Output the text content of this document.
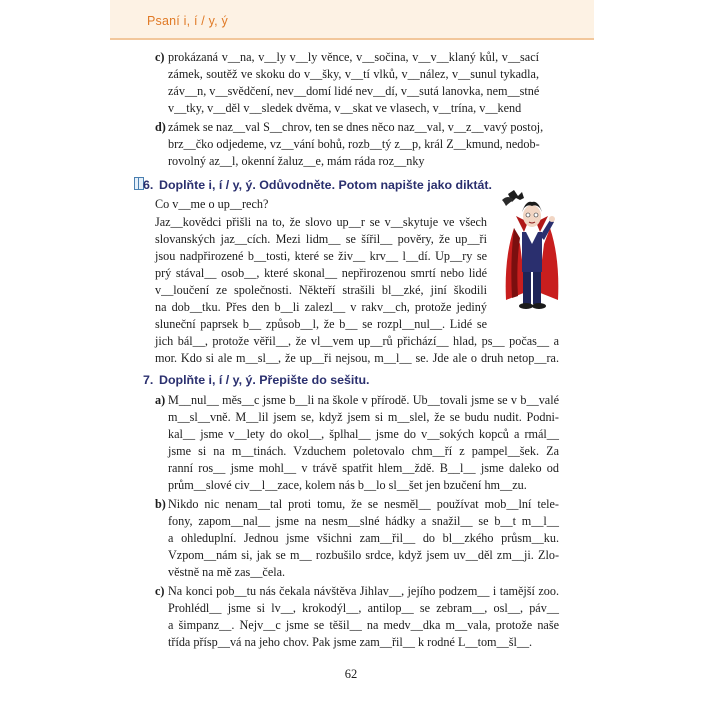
Psaní i, í / y, ý
c) prokázaná v__na, v__ly v__ly věnce, v__sočina, v__v__klaný kůl, v__sací
zámek, soutěž ve skoku do v__šky, v__tí vlků, v__nález, v__sunul tykadla,
záv__n, v__svědčení, nev__domí lidé nev__dí, v__sutá lanovka, nem__stné
v__tky, v__děl v__sledek dvěma, v__skat ve vlasech, v__trína, v__kend
d) zámek se naz__val S__chrov, ten se dnes něco naz__val, v__z__vavý postoj,
brz__čko odjedeme, vz__vání bohů, rozb__tý z__p, král Z__kmund, nedob-
rovolný az__l, okenní žaluz__e, mám ráda roz__nky
6. Doplňte i, í / y, ý. Odůvodněte. Potom napište jako diktát.
Co v__me o up__rech?
Jaz__kovědci přišli na to, že slovo up__r se v__skytuje ve všech
slovanských jaz__cích. Mezi lidm__ se šířil__ pověry, že up__ři
jsou nadpřirozené b__tosti, které se živ__ krv__ l__dí. Up__ry se
prý stával__ osob__, které skonal__ nepřirozenou smrtí nebo lidé
v__loučení ze společnosti. Někteří strašili bl__zké, jiní škodili
na dob__tku. Přes den b__li zalezl__ v rakv__ch, protože jediný
sluneční paprsek b__ způsob__l, že b__ se rozpl__nul__. Lidé se
jich bál__, protože věřil__, že vl__vem up__rů přichází__ hlad, ps__ počas__ a
mor. Kdo si ale m__sl__, že up__ři nejsou, m__l__ se. Jde ale o druh netop__ra.
7. Doplňte i, í / y, ý. Přepište do sešitu.
a) M__nul__ měs__c jsme b__li na škole v přírodě. Ub__tovali jsme se v b__valé
m__sl__vně. M__lil jsem se, když jsem si m__slel, že se budu nudit. Podni-
kal__ jsme v__lety do okol__, šplhal__ jsme do v__sokých kopců a rmál__
jsme si na m__tinách. Vzduchem poletovalo chm__ří z pampel__šek. Za
ranní ros__ jsme mohl__ v trávě spatřit hlem__ždě. B__l__ jsme daleko od
prům__slové civ__l__zace, kolem nás b__lo sl__šet jen bzučení hm__zu.
b) Nikdo nic nenam__tal proti tomu, že se nesměl__ používat mob__lní tele-
fony, zapom__nal__ jsme na nesm__slné hádky a snažil__ se b__t m__l__
a ohleduplní. Jednou jsme všichni zam__řil__ do bl__zkého průsm__ku.
Vzpom__nám si, jak se m__ rozbušilo srdce, když jsem uv__děl zm__ji. Zlo-
věstně na mě zas__čela.
c) Na konci pob__tu nás čekala návštěva Jihlav__, jejího podzem__ i tamější zoo.
Prohlédl__ jsme si lv__, krokodýl__, antilop__ se zebram__, osl__, páv__
a šimpanz__. Nejv__c jsme se těšil__ na medv__dka m__vala, protože naše
třída přísp__vá na jeho chov. Pak jsme zam__řil__ k rodné L__tom__šl__.
62
